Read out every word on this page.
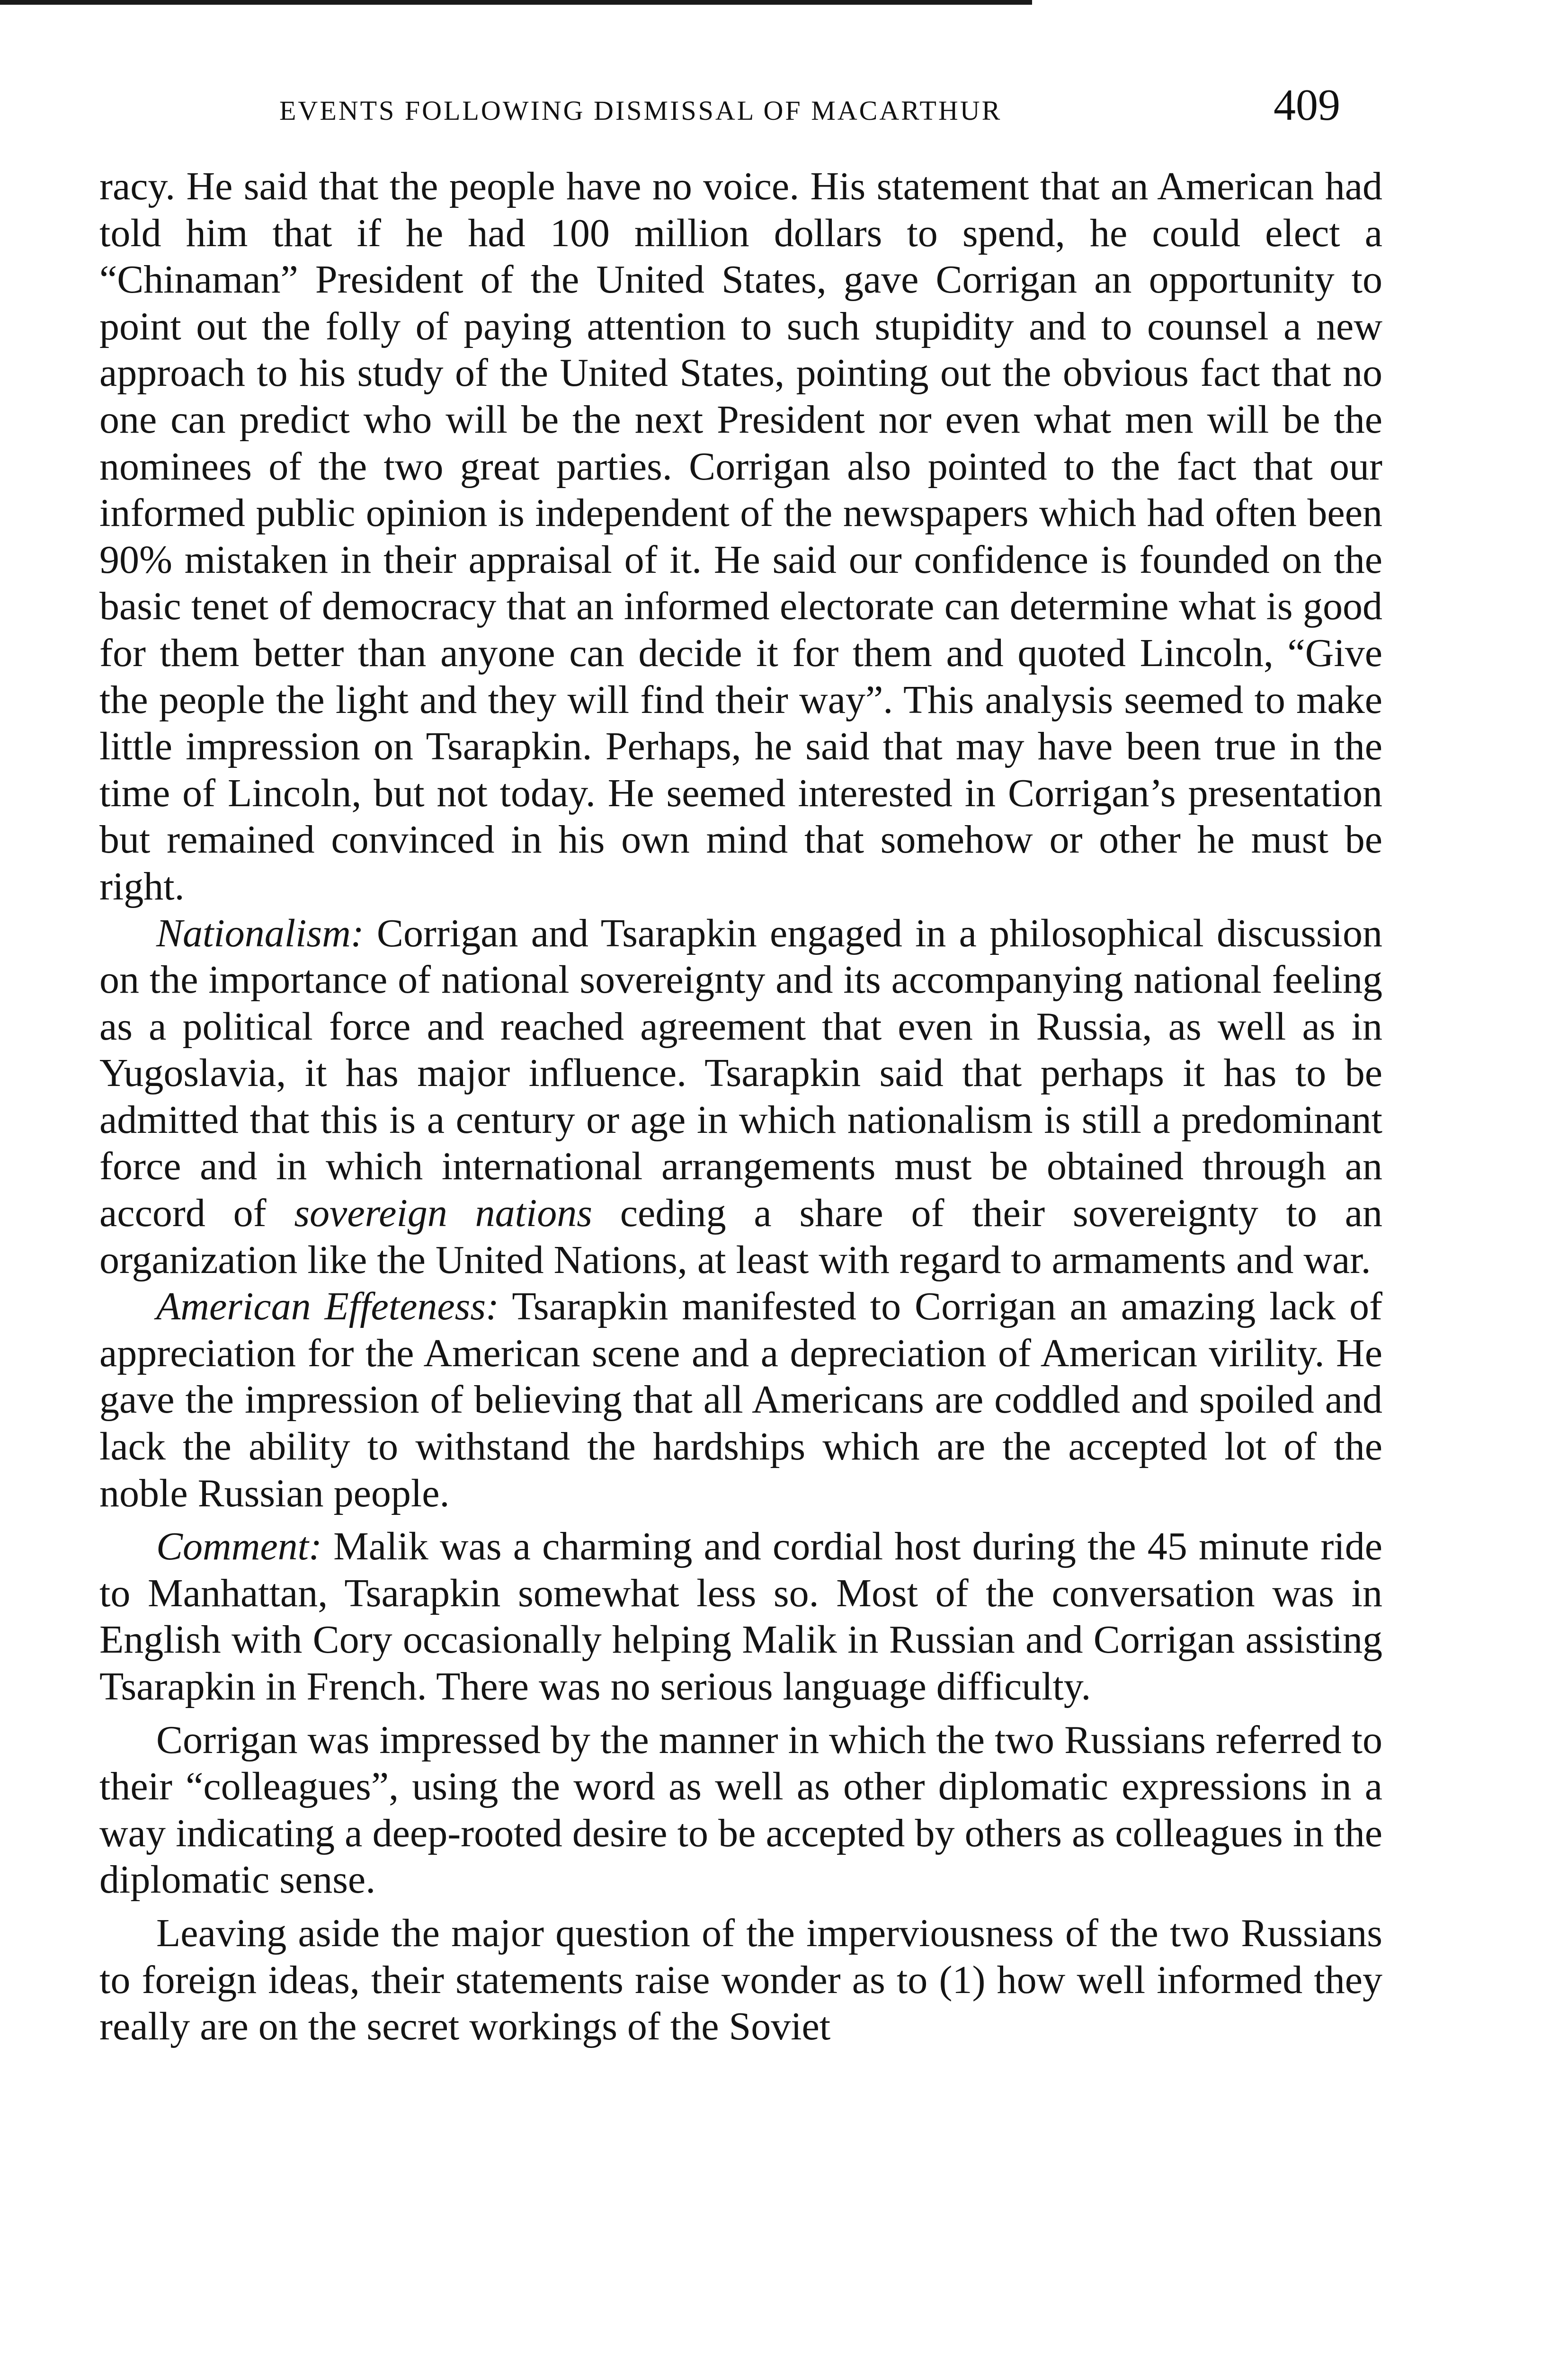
EVENTS FOLLOWING DISMISSAL OF MACARTHUR	409

racy. He said that the people have no voice. His statement that an American had told him that if he had 100 million dollars to spend, he could elect a “Chinaman” President of the United States, gave Corrigan an opportunity to point out the folly of paying attention to such stupidity and to counsel a new approach to his study of the United States, pointing out the obvious fact that no one can predict who will be the next President nor even what men will be the nominees of the two great parties. Corrigan also pointed to the fact that our informed public opinion is independent of the newspapers which had often been 90% mistaken in their appraisal of it. He said our confidence is founded on the basic tenet of democracy that an informed electorate can determine what is good for them better than anyone can decide it for them and quoted Lincoln, “Give the people the light and they will find their way”. This analysis seemed to make little impression on Tsarapkin. Perhaps, he said that may have been true in the time of Lincoln, but not today. He seemed interested in Corrigan’s presentation but remained convinced in his own mind that somehow or other he must be right.

Nationalism: Corrigan and Tsarapkin engaged in a philosophical discussion on the importance of national sovereignty and its accompanying national feeling as a political force and reached agreement that even in Russia, as well as in Yugoslavia, it has major influence. Tsarapkin said that perhaps it has to be admitted that this is a century or age in which nationalism is still a predominant force and in which international arrangements must be obtained through an accord of sovereign nations ceding a share of their sovereignty to an organization like the United Nations, at least with regard to armaments and war.

American Effeteness: Tsarapkin manifested to Corrigan an amazing lack of appreciation for the American scene and a depreciation of American virility. He gave the impression of believing that all Americans are coddled and spoiled and lack the ability to withstand the hardships which are the accepted lot of the noble Russian people.

Comment: Malik was a charming and cordial host during the 45 minute ride to Manhattan, Tsarapkin somewhat less so. Most of the conversation was in English with Cory occasionally helping Malik in Russian and Corrigan assisting Tsarapkin in French. There was no serious language difficulty.

Corrigan was impressed by the manner in which the two Russians referred to their “colleagues”, using the word as well as other diplomatic expressions in a way indicating a deep-rooted desire to be accepted by others as colleagues in the diplomatic sense.

Leaving aside the major question of the imperviousness of the two Russians to foreign ideas, their statements raise wonder as to (1) how well informed they really are on the secret workings of the Soviet
